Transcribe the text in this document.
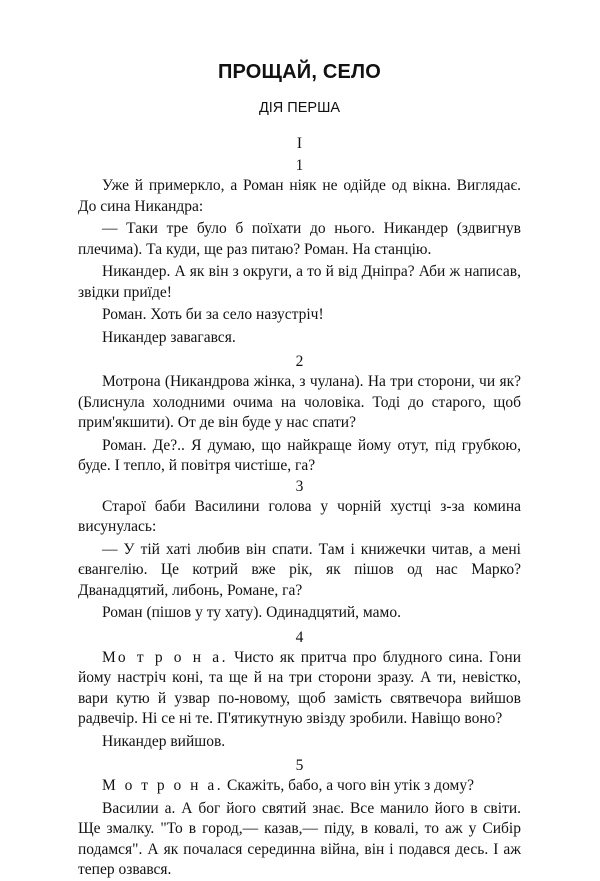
ПРОЩАЙ, СЕЛО
ДІЯ ПЕРША
I
1

Уже й примеркло, а Роман ніяк не одійде од вікна. Виглядає. До сина Никандра:

— Таки тре було б поїхати до нього. Никандер (здвигнув плечима). Та куди, ще раз питаю? Роман. На станцію.

Никандер. А як він з округи, а то й від Дніпра? Аби ж написав, звідки приїде!

Роман. Хоть би за село назустріч!

Никандер завагався.

2

Мотрона (Никандрова жінка, з чулана). На три сторони, чи як? (Блиснула холодними очима на чоловіка. Тоді до старого, щоб прим'якшити). От де він буде у нас спати?

Роман. Де?.. Я думаю, що найкраще йому отут, під грубкою, буде. І тепло, й повітря чистіше, га?

3

Старої баби Василини голова у чорній хустці з-за комина висунулась:

— У тій хаті любив він спати. Там і книжечки читав, а мені євангелію. Це котрий вже рік, як пішов од нас Марко? Дванадцятий, либонь, Романе, га?

Роман (пішов у ту хату). Одинадцятий, мамо.

4

Мо т р о н а. Чисто як притча про блудного сина. Гони йому настріч коні, та ще й на три сторони зразу. А ти, невістко, вари кутю й узвар по-новому, щоб замість святвечора вийшов радвечір. Ні се ні те. П'ятикутную звізду зробили. Навіщо воно?

Никандер вийшов.

5

М о т р о н а. Скажіть, бабо, а чого він утік з дому?

Василии а. А бог його святий знає. Все манило його в світи. Ще змалку. "То в город,— казав,— піду, в ковалі, то аж у Сибір подамся". А як почалася серединна війна, він і подався десь. І аж тепер озвався.
